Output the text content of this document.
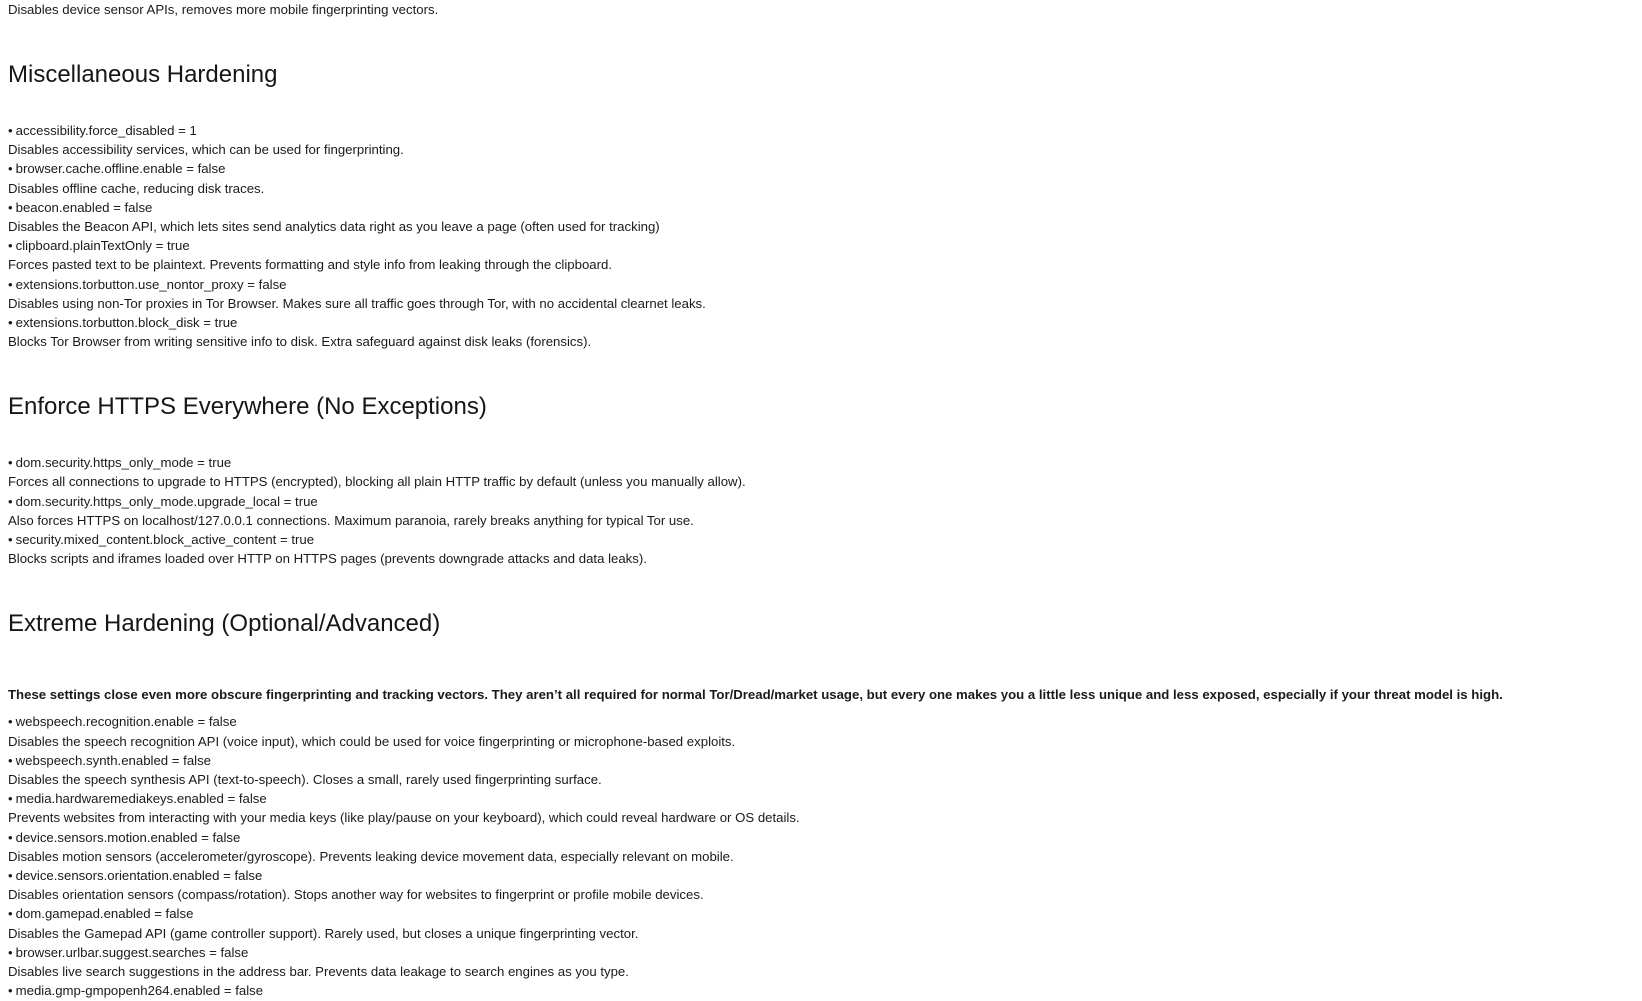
Disables device sensor APIs, removes more mobile fingerprinting vectors.

Miscellaneous Hardening
• accessibility.force_disabled = 1
Disables accessibility services, which can be used for fingerprinting.
• browser.cache.offline.enable = false
Disables offline cache, reducing disk traces.
• beacon.enabled = false
Disables the Beacon API, which lets sites send analytics data right as you leave a page (often used for tracking)
• clipboard.plainTextOnly = true
Forces pasted text to be plaintext. Prevents formatting and style info from leaking through the clipboard.
• extensions.torbutton.use_nontor_proxy = false
Disables using non-Tor proxies in Tor Browser. Makes sure all traffic goes through Tor, with no accidental clearnet leaks.
• extensions.torbutton.block_disk = true
Blocks Tor Browser from writing sensitive info to disk. Extra safeguard against disk leaks (forensics).
Enforce HTTPS Everywhere (No Exceptions)
• dom.security.https_only_mode = true
Forces all connections to upgrade to HTTPS (encrypted), blocking all plain HTTP traffic by default (unless you manually allow).
• dom.security.https_only_mode.upgrade_local = true
Also forces HTTPS on localhost/127.0.0.1 connections. Maximum paranoia, rarely breaks anything for typical Tor use.
• security.mixed_content.block_active_content = true
Blocks scripts and iframes loaded over HTTP on HTTPS pages (prevents downgrade attacks and data leaks).
Extreme Hardening (Optional/Advanced)

These settings close even more obscure fingerprinting and tracking vectors. They aren’t all required for normal Tor/Dread/market usage, but every one makes you a little less unique and less exposed, especially if your threat model is high.

• webspeech.recognition.enable = false
Disables the speech recognition API (voice input), which could be used for voice fingerprinting or microphone-based exploits.
• webspeech.synth.enabled = false
Disables the speech synthesis API (text-to-speech). Closes a small, rarely used fingerprinting surface.
• media.hardwaremediakeys.enabled = false
Prevents websites from interacting with your media keys (like play/pause on your keyboard), which could reveal hardware or OS details.
• device.sensors.motion.enabled = false
Disables motion sensors (accelerometer/gyroscope). Prevents leaking device movement data, especially relevant on mobile.
• device.sensors.orientation.enabled = false
Disables orientation sensors (compass/rotation). Stops another way for websites to fingerprint or profile mobile devices.
• dom.gamepad.enabled = false
Disables the Gamepad API (game controller support). Rarely used, but closes a unique fingerprinting vector.
• browser.urlbar.suggest.searches = false
Disables live search suggestions in the address bar. Prevents data leakage to search engines as you type.
• media.gmp-gmpopenh264.enabled = false
